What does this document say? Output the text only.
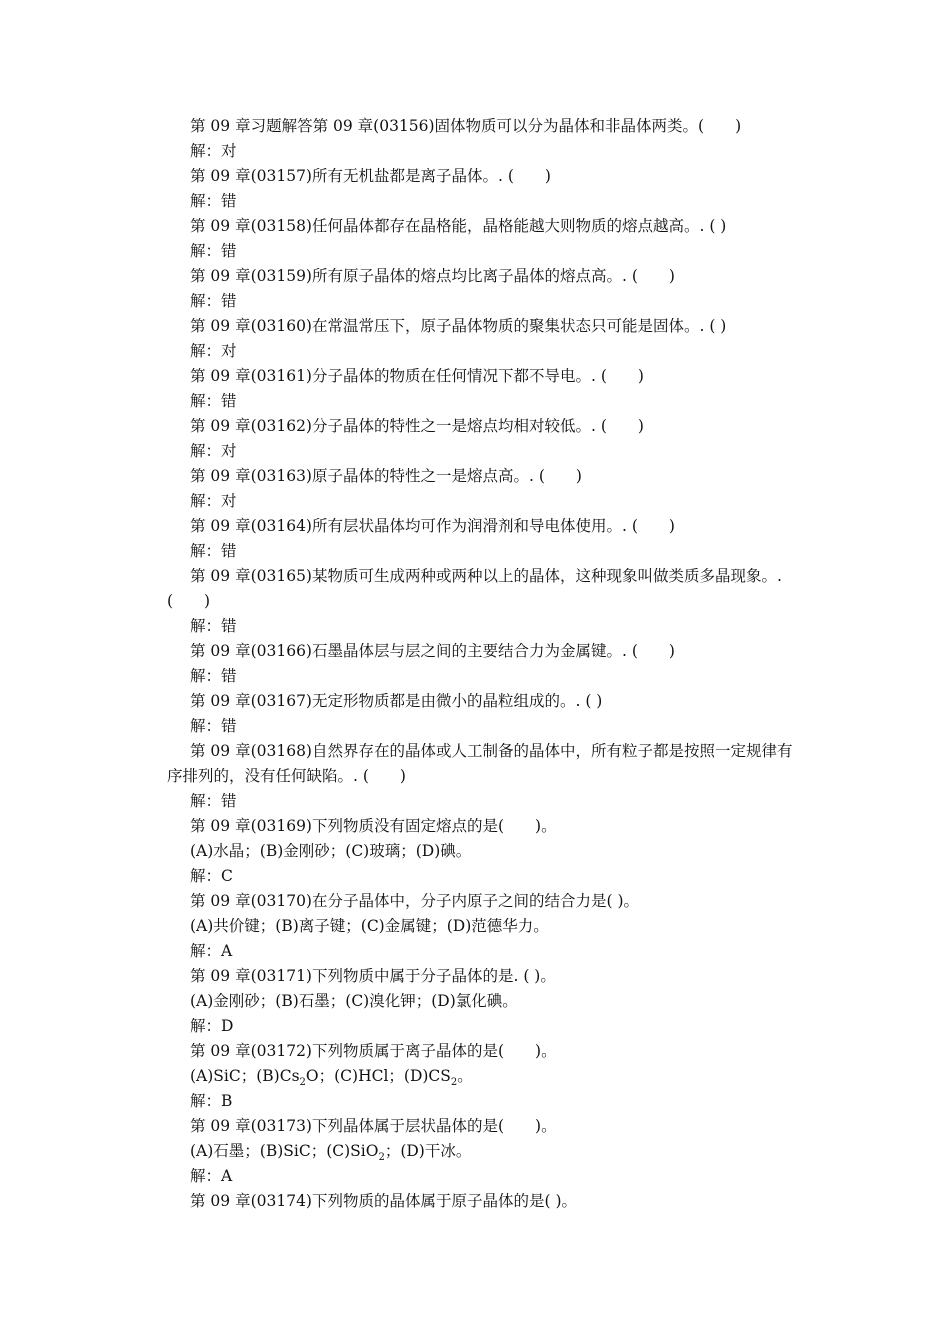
第 09 章习题解答第 09 章(03156)固体物质可以分为晶体和非晶体两类。(　　)
解：对
第 09 章(03157)所有无机盐都是离子晶体。. (　　)
解：错
第 09 章(03158)任何晶体都存在晶格能，晶格能越大则物质的熔点越高。. ( )
解：错
第 09 章(03159)所有原子晶体的熔点均比离子晶体的熔点高。. (　　)
解：错
第 09 章(03160)在常温常压下，原子晶体物质的聚集状态只可能是固体。. ( )
解：对
第 09 章(03161)分子晶体的物质在任何情况下都不导电。. (　　)
解：错
第 09 章(03162)分子晶体的特性之一是熔点均相对较低。. (　　)
解：对
第 09 章(03163)原子晶体的特性之一是熔点高。. (　　)
解：对
第 09 章(03164)所有层状晶体均可作为润滑剂和导电体使用。. (　　)
解：错
第 09 章(03165)某物质可生成两种或两种以上的晶体，这种现象叫做类质多晶现象。. (　　)
解：错
第 09 章(03166)石墨晶体层与层之间的主要结合力为金属键。. (　　)
解：错
第 09 章(03167)无定形物质都是由微小的晶粒组成的。. ( )
解：错
第 09 章(03168)自然界存在的晶体或人工制备的晶体中，所有粒子都是按照一定规律有序排列的，没有任何缺陷。. (　　)
解：错
第 09 章(03169)下列物质没有固定熔点的是(　　)。
(A)水晶；(B)金刚砂；(C)玻璃；(D)碘。
解：C
第 09 章(03170)在分子晶体中，分子内原子之间的结合力是( )。
(A)共价键；(B)离子键；(C)金属键；(D)范德华力。
解：A
第 09 章(03171)下列物质中属于分子晶体的是. ( )。
(A)金刚砂；(B)石墨；(C)溴化钾；(D)氯化碘。
解：D
第 09 章(03172)下列物质属于离子晶体的是(　　)。
(A)SiC；$(B)Cs_2O$；(C)HCl；$(D)CS_2$。
解：B
第 09 章(03173)下列晶体属于层状晶体的是(　　)。
(A)石墨；(B)SiC；(C)SiO$_2$；(D)干冰。
解：A
第 09 章(03174)下列物质的晶体属于原子晶体的是( )。
